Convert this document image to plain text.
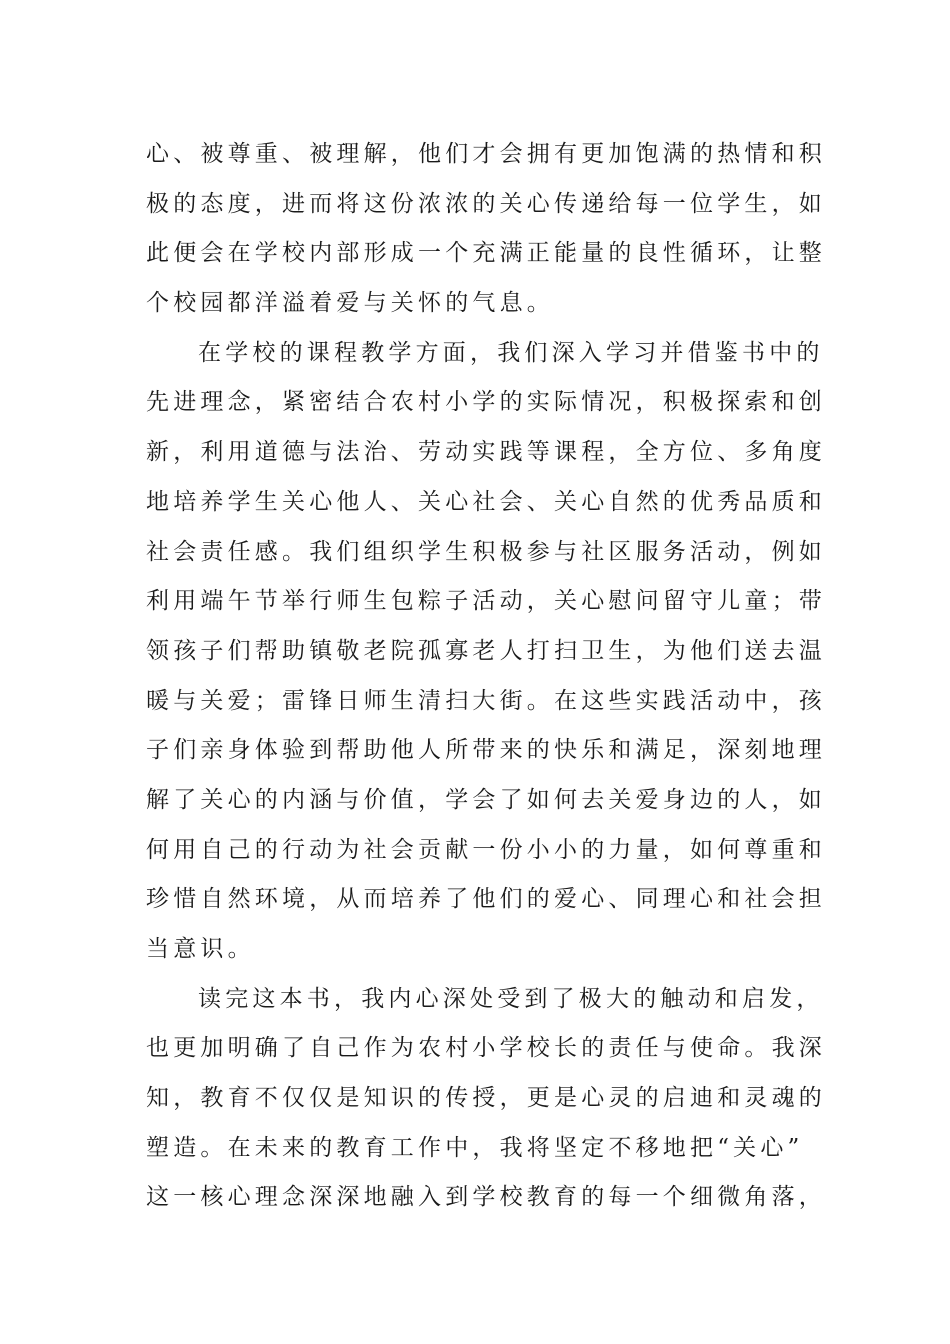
心、被尊重、被理解，他们才会拥有更加饱满的热情和积
极的态度，进而将这份浓浓的关心传递给每一位学生，如
此便会在学校内部形成一个充满正能量的良性循环，让整
个校园都洋溢着爱与关怀的气息。
在学校的课程教学方面，我们深入学习并借鉴书中的
先进理念，紧密结合农村小学的实际情况，积极探索和创
新，利用道德与法治、劳动实践等课程，全方位、多角度
地培养学生关心他人、关心社会、关心自然的优秀品质和
社会责任感。我们组织学生积极参与社区服务活动，例如
利用端午节举行师生包粽子活动，关心慰问留守儿童；带
领孩子们帮助镇敬老院孤寡老人打扫卫生，为他们送去温
暖与关爱；雷锋日师生清扫大街。在这些实践活动中，孩
子们亲身体验到帮助他人所带来的快乐和满足，深刻地理
解了关心的内涵与价值，学会了如何去关爱身边的人，如
何用自己的行动为社会贡献一份小小的力量，如何尊重和
珍惜自然环境，从而培养了他们的爱心、同理心和社会担
当意识。
读完这本书，我内心深处受到了极大的触动和启发，
也更加明确了自己作为农村小学校长的责任与使命。我深
知，教育不仅仅是知识的传授，更是心灵的启迪和灵魂的
塑造。在未来的教育工作中，我将坚定不移地把“关心”
这一核心理念深深地融入到学校教育的每一个细微角落，
